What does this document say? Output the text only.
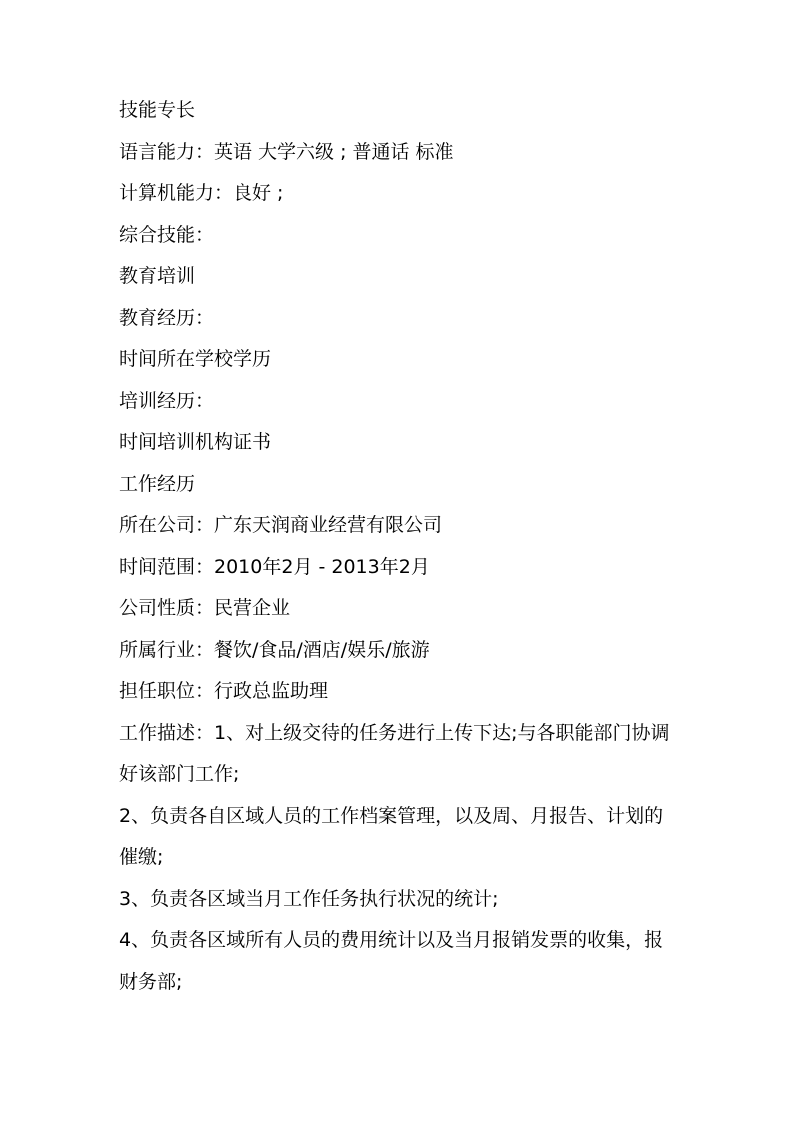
技能专长
语言能力：英语 大学六级 ; 普通话 标准
计算机能力：良好 ;
综合技能：
教育培训
教育经历：
时间所在学校学历
培训经历：
时间培训机构证书
工作经历
所在公司：广东天润商业经营有限公司
时间范围：2010年2月 - 2013年2月
公司性质：民营企业
所属行业：餐饮/食品/酒店/娱乐/旅游
担任职位：行政总监助理
工作描述：1、对上级交待的任务进行上传下达;与各职能部门协调好该部门工作;
2、负责各自区域人员的工作档案管理，以及周、月报告、计划的催缴;
3、负责各区域当月工作任务执行状况的统计;
4、负责各区域所有人员的费用统计以及当月报销发票的收集，报财务部;
